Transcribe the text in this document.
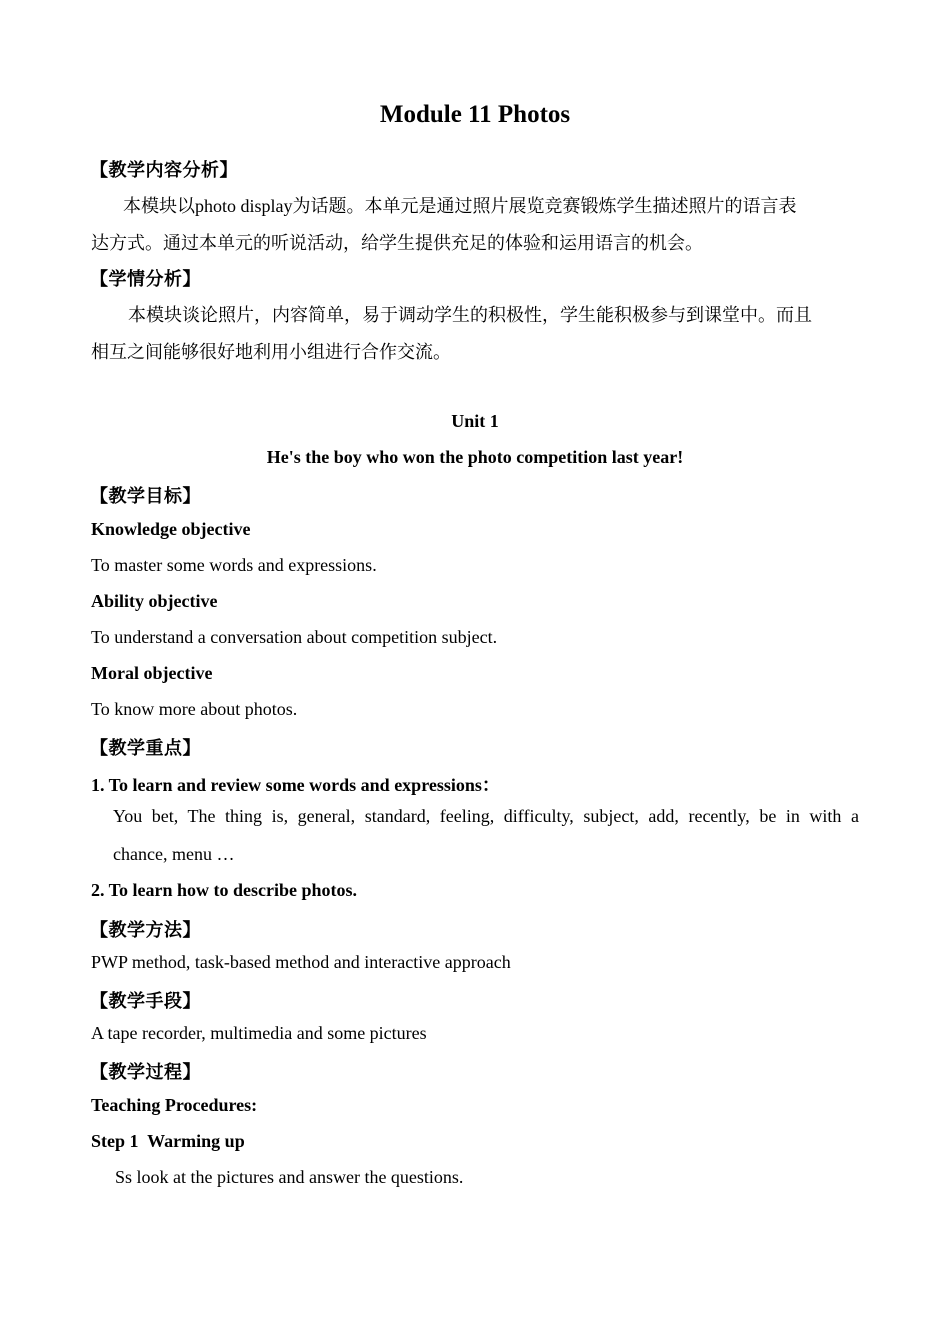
Module 11 Photos
【教学内容分析】
本模块以photo display为话题。本单元是通过照片展览竞赛锻炼学生描述照片的语言表
达方式。通过本单元的听说活动，给学生提供充足的体验和运用语言的机会。
【学情分析】
本模块谈论照片，内容简单，易于调动学生的积极性，学生能积极参与到课堂中。而且
相互之间能够很好地利用小组进行合作交流。
Unit 1
He's the boy who won the photo competition last year!
【教学目标】
Knowledge objective
To master some words and expressions.
Ability objective
To understand a conversation about competition subject.
Moral objective
To know more about photos.
【教学重点】
1. To learn and review some words and expressions：
You bet, The thing is, general, standard, feeling, difficulty, subject, add, recently, be in with a
chance, menu …
2. To learn how to describe photos.
【教学方法】
PWP method, task-based method and interactive approach
【教学手段】
A tape recorder, multimedia and some pictures
【教学过程】
Teaching Procedures:
Step 1  Warming up
Ss look at the pictures and answer the questions.
